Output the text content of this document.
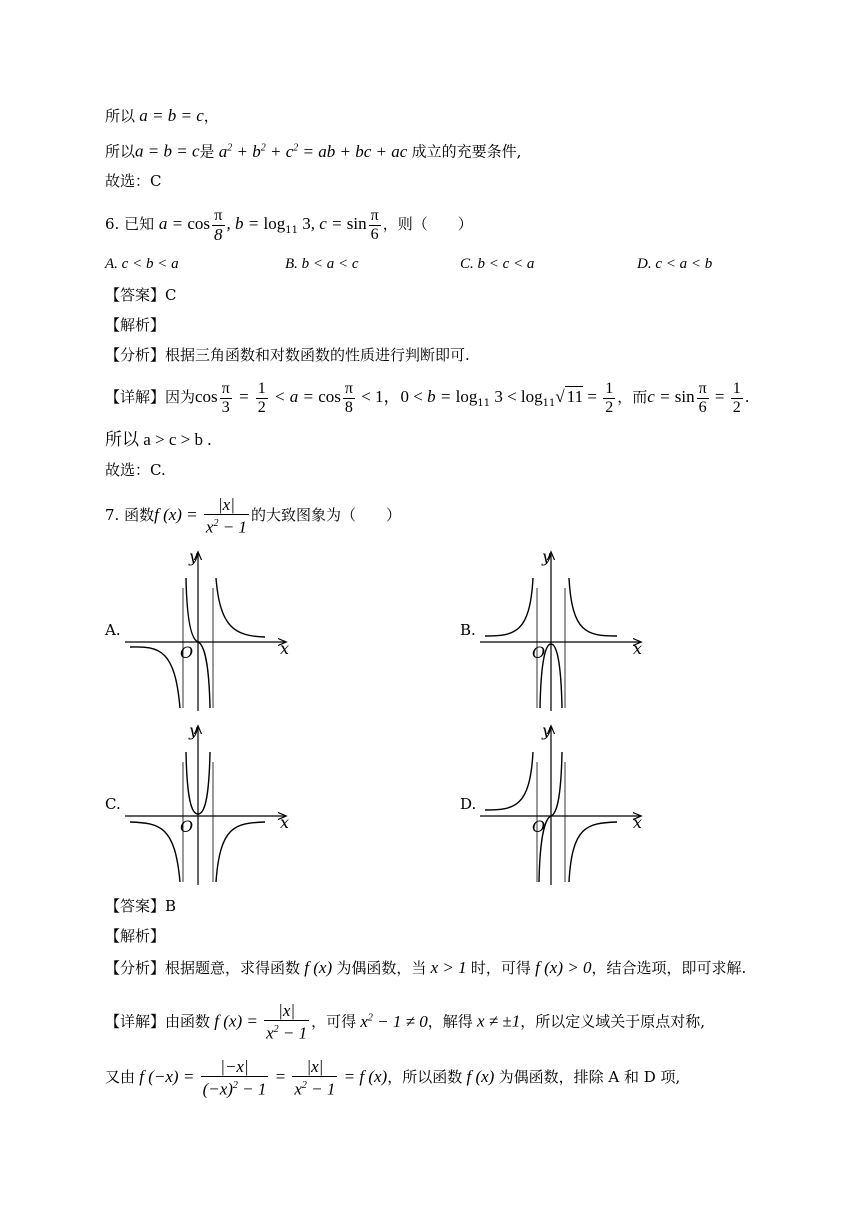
所以 a = b = c，
所以a = b = c是 $a^2 + b^2 + c^2$ = ab + bc + ac 成立的充要条件,
故选：C
6. 已知 $a = \cos \frac{\pi}{8}$ , $b = \log_{11} 3$, $c = \sin \frac{\pi}{6}$ ，则（　　）
A. c < b < a	B. b < a < c	C. b < c < a	D. c < a < b
【答案】C
【解析】
【分析】根据三角函数和对数函数的性质进行判断即可.
【详解】因为$\cos \frac{\pi}{3} = \frac{1}{2} < a = \cos \frac{\pi}{8} < 1$，$0 < b = \log_{11} 3 < \log_{11}√$ $11 = \frac{1}{2}$ ，而$c = \sin \frac{\pi}{6} = \frac{1}{2}$ .
所以 a > c > b .
故选：C.
7. 函数f $(x) = \frac{|x|}{x^2 - 1}$ 的大致图象为（　　）
A.
y
x
O
B.
y
x
O
C.
y
x
O
D.
y
x
O
【答案】B
【解析】
【分析】根据题意，求得函数 f (x) 为偶函数，当 x > 1 时，可得 f (x) > 0，结合选项，即可求解.
【详解】由函数 f $(x) = \frac{|x|}{x^2 - 1}$ ，可得 $x^2 - 1 \ne 0$，解得 x ≠ ±1，所以定义域关于原点对称,
又由 f $(-x) = \frac{|-x|}{(-x)^2 - 1} = \frac{|x|}{x^2 - 1} = f$ (x)，所以函数 f (x) 为偶函数，排除 A 和 D 项,
